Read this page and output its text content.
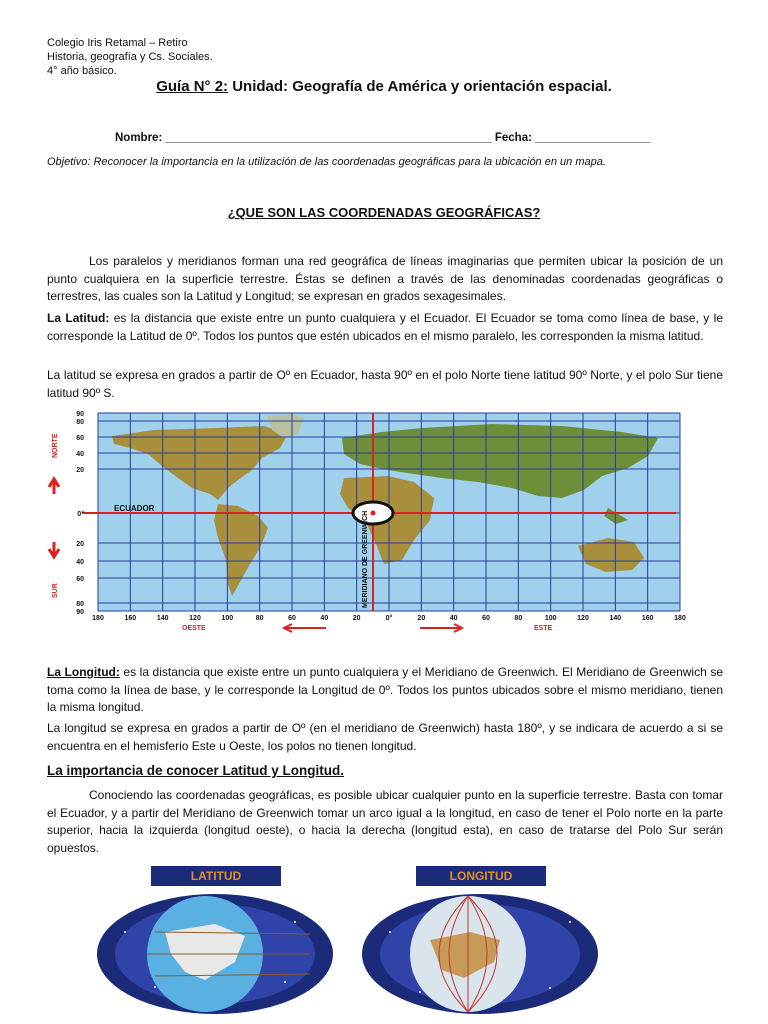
Colegio Iris Retamal – Retiro
Historia, geografía y Cs. Sociales.
4° año básico.
Guía N° 2: Unidad: Geografía de América y orientación espacial.
Nombre: ___________________________________________________ Fecha: __________________
Objetivo: Reconocer la importancia en la utilización de las coordenadas geográficas para la ubicación en un mapa.
¿QUE SON LAS COORDENADAS GEOGRÁFICAS?

Los paralelos y meridianos forman una red geográfica de líneas imaginarias que permiten ubicar la posición de un punto cualquiera en la superficie terrestre. Éstas se definen a través de las denominadas coordenadas geográficas o terrestres, las cuales son la Latitud y Longitud; se expresan en grados sexagesimales.

La Latitud: es la distancia que existe entre un punto cualquiera y el Ecuador. El Ecuador se toma como línea de base, y le corresponde la Latitud de 0º. Todos los puntos que estén ubicados en el mismo paralelo, les corresponden la misma latitud.

La latitud se expresa en grados a partir de Oº en Ecuador, hasta 90º en el polo Norte tiene latitud 90º Norte, y el polo Sur tiene latitud 90º S.

ECUADOR
MERIDIANO DE GREENWICH
NORTE
SUR
90
80
60
40
20
0°
20
40
60
80
90
180	160	140	120	100	80	60	40	20	0°	20	40	60	80	100	120	140	160	180
OESTE	ESTE

La Longitud: es la distancia que existe entre un punto cualquiera y el Meridiano de Greenwich. El Meridiano de Greenwich se toma como la línea de base, y le corresponde la Longitud de 0º. Todos los puntos ubicados sobre el mismo meridiano, tienen la misma longitud.

La longitud se expresa en grados a partir de Oº (en el meridiano de Greenwich) hasta 180º, y se indicara de acuerdo a si se encuentra en el hemisferio Este u Oeste, los polos no tienen longitud.

La importancia de conocer Latitud y Longitud.

Conociendo las coordenadas geográficas, es posible ubicar cualquier punto en la superficie terrestre. Basta con tomar el Ecuador, y a partir del Meridiano de Greenwich tomar un arco igual a la longitud, en caso de tener el Polo norte en la parte superior, hacia la izquierda (longitud oeste), o hacia la derecha (longitud esta), en caso de tratarse del Polo Sur serán opuestos.

LATITUD	LONGITUD
